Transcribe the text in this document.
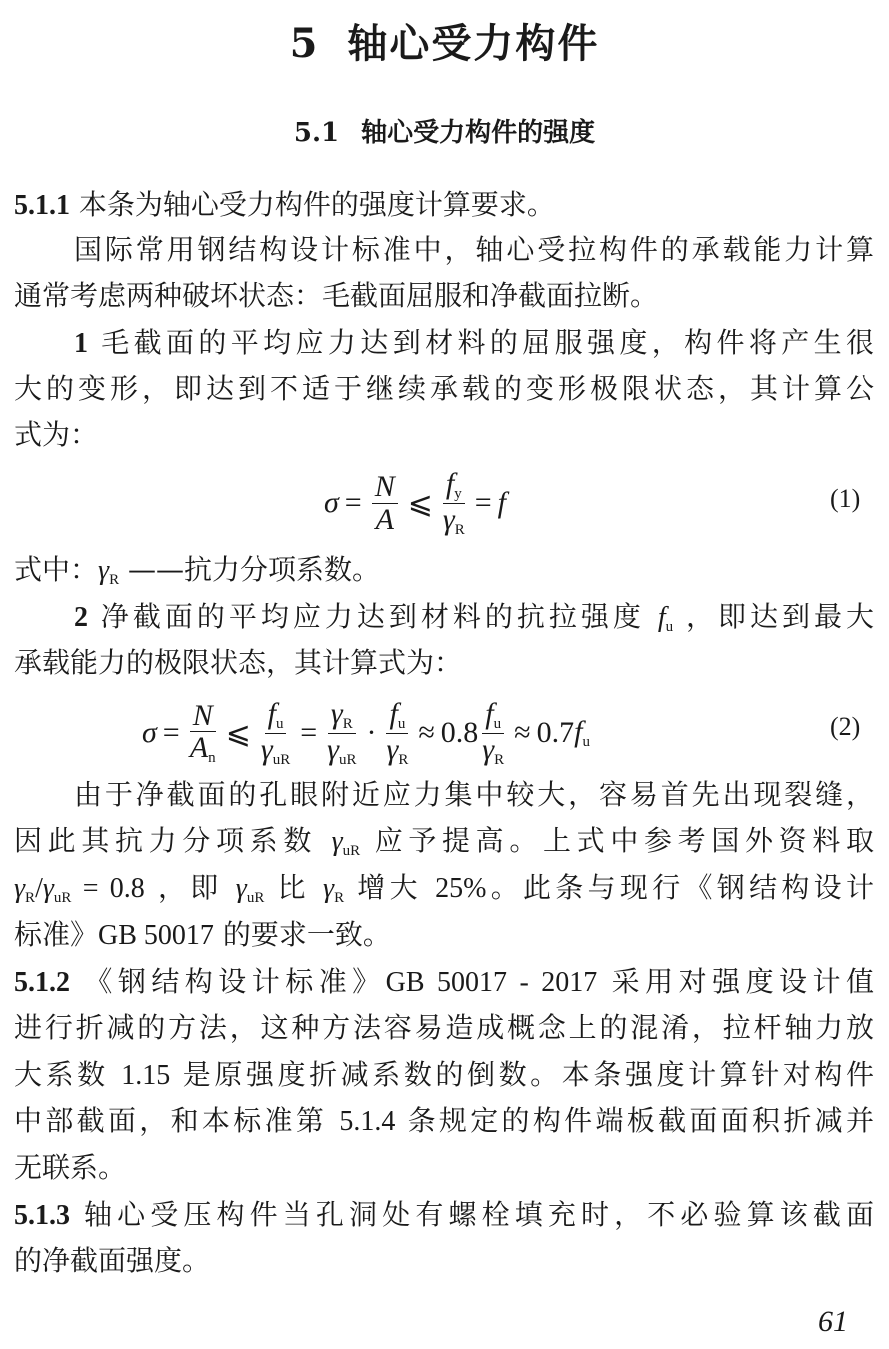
5 轴心受力构件
5.1 轴心受力构件的强度
5.1.1 本条为轴心受力构件的强度计算要求。
国际常用钢结构设计标准中，轴心受拉构件的承载能力计算
通常考虑两种破坏状态：毛截面屈服和净截面拉断。
1 毛截面的平均应力达到材料的屈服强度，构件将产生很
大的变形，即达到不适于继续承载的变形极限状态，其计算公
式为：
式中：$\gamma_R$ ——抗力分项系数。
2 净截面的平均应力达到材料的抗拉强度 $f_u$ ，即达到最大
承载能力的极限状态，其计算式为：
由于净截面的孔眼附近应力集中较大，容易首先出现裂缝，
因此其抗力分项系数 $\gamma_{uR}$ 应予提高。上式中参考国外资料取
$\gamma_R/\gamma_{uR} = 0.8$ ，即 $\gamma_{uR}$ 比 $\gamma_R$ 增大 25%。此条与现行《钢结构设计
标准》GB 50017 的要求一致。
5.1.2 《钢结构设计标准》GB 50017 - 2017 采用对强度设计值
进行折减的方法，这种方法容易造成概念上的混淆，拉杆轴力放
大系数 1.15 是原强度折减系数的倒数。本条强度计算针对构件
中部截面，和本标准第 5.1.4 条规定的构件端板截面面积折减并
无联系。
5.1.3 轴心受压构件当孔洞处有螺栓填充时，不必验算该截面
的净截面强度。
$\sigma = \frac{N}{A}$ ⩽ $\frac{f_y}{\gamma_R} = f$	(1)
$\sigma = \frac{N}{A_n}$ ⩽ $\frac{f_u}{\gamma_{uR}} = \frac{\gamma_R}{\gamma_{uR}} \cdot \frac{f_u}{\gamma_R} \approx 0.8 \frac{f_u}{\gamma_R} \approx 0.7$ $f_u$
(2)
61
